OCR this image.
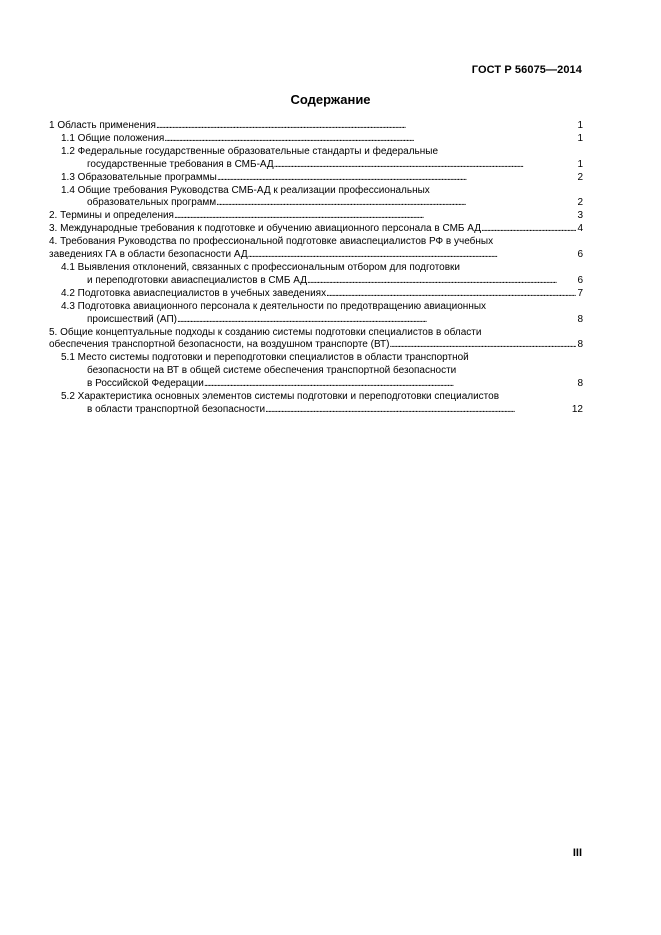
ГОСТ Р 56075—2014
Содержание
1 Область применения . . .	1
1.1 Общие положения . . .	1
1.2 Федеральные государственные образовательные стандарты и федеральные
государственные требования в СМБ-АД . . .	1
1.3 Образовательные программы . . .	2
1.4 Общие требования Руководства СМБ-АД к реализации профессиональных
образовательных программ . . .	2
2. Термины и определения . . .	3
3. Международные требования к подготовке и обучению авиационного персонала в СМБ АД . . .	4
4. Требования Руководства по профессиональной подготовке авиаспециалистов РФ в учебных
заведениях ГА в области безопасности АД . . .	6
4.1 Выявления отклонений, связанных с профессиональным отбором для подготовки
и переподготовки авиаспециалистов в СМБ АД . . .	6
4.2 Подготовка авиаспециалистов в учебных заведениях . . .	7
4.3 Подготовка авиационного персонала к деятельности по предотвращению авиационных
происшествий (АП) . . .	8
5. Общие концептуальные подходы к созданию системы подготовки специалистов в области
обеспечения транспортной безопасности, на воздушном транспорте (ВТ) . . .	8
5.1 Место системы подготовки и переподготовки специалистов в области транспортной
безопасности на ВТ в общей системе обеспечения транспортной безопасности
в Российской Федерации . . .	8
5.2 Характеристика основных элементов системы подготовки и переподготовки специалистов
в области транспортной безопасности . . .	12
III
